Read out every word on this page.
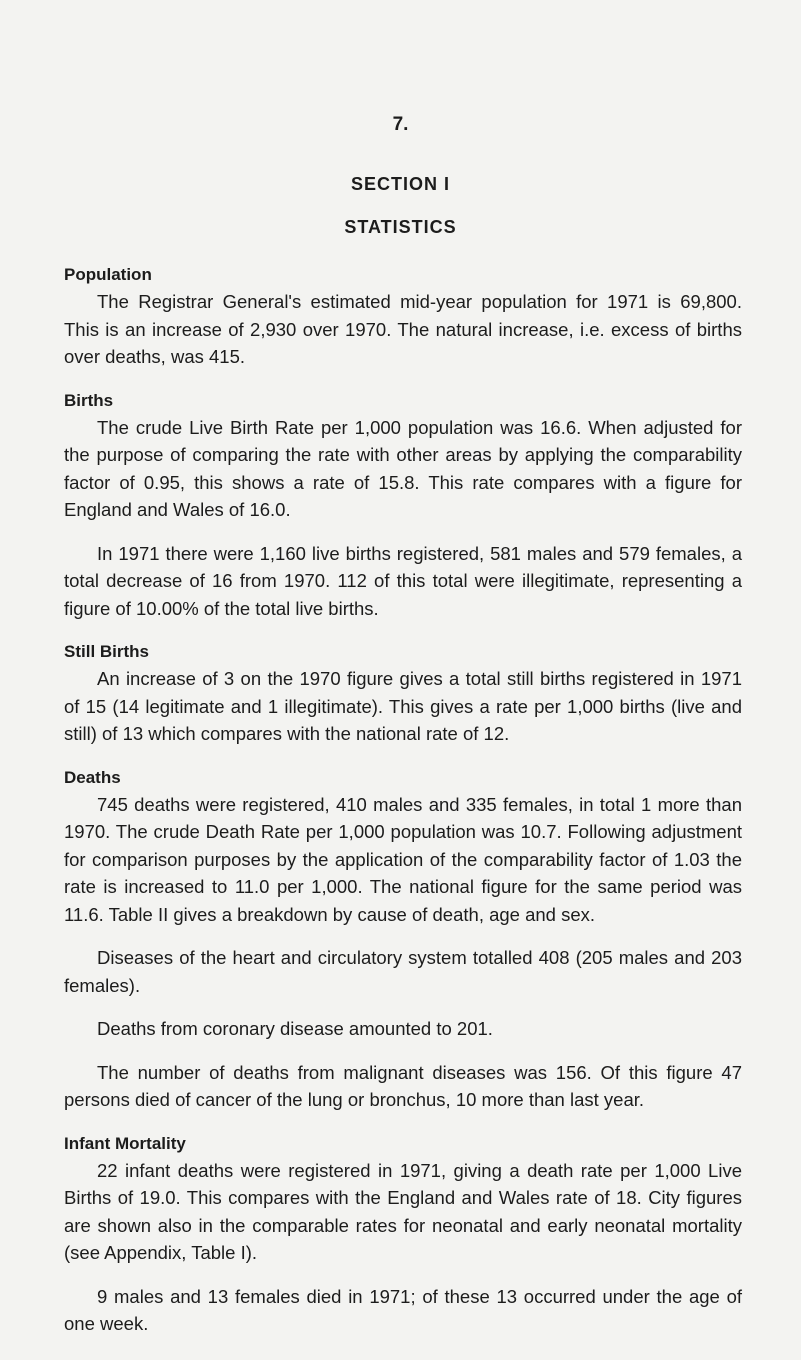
7.
SECTION I
STATISTICS
Population

The Registrar General's estimated mid-year population for 1971 is 69,800. This is an increase of 2,930 over 1970. The natural increase, i.e. excess of births over deaths, was 415.

Births

The crude Live Birth Rate per 1,000 population was 16.6. When adjusted for the purpose of comparing the rate with other areas by applying the comparability factor of 0.95, this shows a rate of 15.8. This rate compares with a figure for England and Wales of 16.0.

In 1971 there were 1,160 live births registered, 581 males and 579 females, a total decrease of 16 from 1970. 112 of this total were illegitimate, representing a figure of 10.00% of the total live births.

Still Births

An increase of 3 on the 1970 figure gives a total still births registered in 1971 of 15 (14 legitimate and 1 illegitimate). This gives a rate per 1,000 births (live and still) of 13 which compares with the national rate of 12.

Deaths

745 deaths were registered, 410 males and 335 females, in total 1 more than 1970. The crude Death Rate per 1,000 population was 10.7. Following adjustment for comparison purposes by the application of the comparability factor of 1.03 the rate is increased to 11.0 per 1,000. The national figure for the same period was 11.6. Table II gives a breakdown by cause of death, age and sex.

Diseases of the heart and circulatory system totalled 408 (205 males and 203 females).

Deaths from coronary disease amounted to 201.

The number of deaths from malignant diseases was 156. Of this figure 47 persons died of cancer of the lung or bronchus, 10 more than last year.

Infant Mortality

22 infant deaths were registered in 1971, giving a death rate per 1,000 Live Births of 19.0. This compares with the England and Wales rate of 18. City figures are shown also in the comparable rates for neonatal and early neonatal mortality (see Appendix, Table I).

9 males and 13 females died in 1971; of these 13 occurred under the age of one week.
